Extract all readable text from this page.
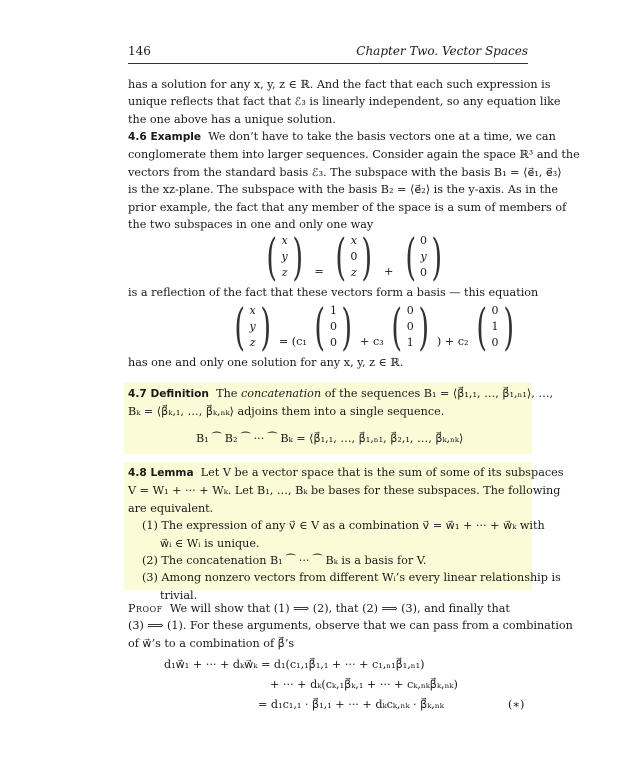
146	Chapter Two. Vector Spaces
has a solution for any x, y, z ∈ ℝ. And the fact that each such expression is
unique reflects that fact that ℰ₃ is linearly independent, so any equation like
the one above has a unique solution.
4.6 Example We don’t have to take the basis vectors one at a time, we can
conglomerate them into larger sequences. Consider again the space ℝ³ and the
vectors from the standard basis ℰ₃. The subspace with the basis B₁ = ⟨e⃗₁, e⃗₃⟩
is the xz-plane. The subspace with the basis B₂ = ⟨e⃗₂⟩ is the y-axis. As in the
prior example, the fact that any member of the space is a sum of members of
the two subspaces in one and only one way
( x
y
z ) = ( x
0
z ) + ( 0
y
0 )
is a reflection of the fact that these vectors form a basis — this equation
( x
y
z ) = (c₁ ( 1
0
0 ) + c₃ ( 0
0
1 ) ) + c₂ ( 0
1
0 )
has one and only one solution for any x, y, z ∈ ℝ.
4.7 Definition The concatenation of the sequences B₁ = ⟨β⃗₁,₁, …, β⃗₁,ₙ₁⟩, …,
Bₖ = ⟨β⃗ₖ,₁, …, β⃗ₖ,ₙₖ⟩ adjoins them into a single sequence.
B₁ ⁀ B₂ ⁀ ··· ⁀ Bₖ = ⟨β⃗₁,₁, …, β⃗₁,ₙ₁, β⃗₂,₁, …, β⃗ₖ,ₙₖ⟩
4.8 Lemma Let V be a vector space that is the sum of some of its subspaces
V = W₁ + ··· + Wₖ. Let B₁, …, Bₖ be bases for these subspaces. The following
are equivalent.
(1) The expression of any v⃗ ∈ V as a combination v⃗ = w⃗₁ + ··· + w⃗ₖ with
w⃗ᵢ ∈ Wᵢ is unique.
(2) The concatenation B₁ ⁀ ··· ⁀ Bₖ is a basis for V.
(3) Among nonzero vectors from different Wᵢ’s every linear relationship is
trivial.
Proof We will show that (1) ⟹ (2), that (2) ⟹ (3), and finally that
(3) ⟹ (1). For these arguments, observe that we can pass from a combination
of w⃗’s to a combination of β⃗’s
d₁w⃗₁ + ··· + dₖw⃗ₖ = d₁(c₁,₁β⃗₁,₁ + ··· + c₁,ₙ₁β⃗₁,ₙ₁)
+ ··· + dₖ(cₖ,₁β⃗ₖ,₁ + ··· + cₖ,ₙₖβ⃗ₖ,ₙₖ)
= d₁c₁,₁ · β⃗₁,₁ + ··· + dₖcₖ,ₙₖ · β⃗ₖ,ₙₖ	(∗)
